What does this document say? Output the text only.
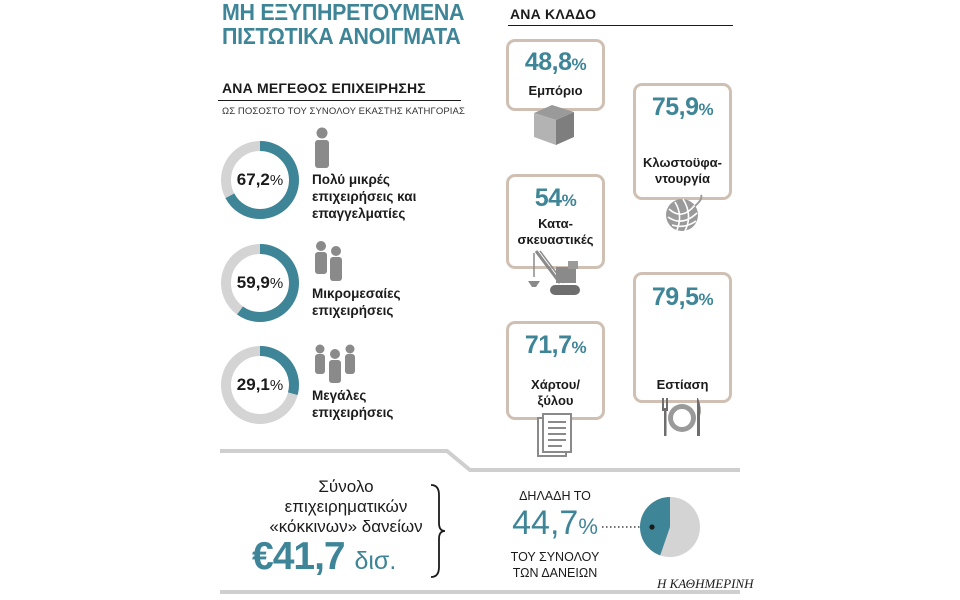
ΜΗ ΕΞΥΠΗΡΕΤΟΥΜΕΝΑ
ΠΙΣΤΩΤΙΚΑ ΑΝΟΙΓΜΑΤΑ
ΑΝΑ ΜΕΓΕΘΟΣ ΕΠΙΧΕΙΡΗΣΗΣ
ΩΣ ΠΟΣΟΣΤΟ ΤΟΥ ΣΥΝΟΛΟΥ ΕΚΑΣΤΗΣ ΚΑΤΗΓΟΡΙΑΣ
67,2%	Πολύ μικρές
επιχειρήσεις και
επαγγελματίες
59,9%
Μικρομεσαίες
επιχειρήσεις
29,1%
Μεγάλες
επιχειρήσεις
ΑΝΑ ΚΛΑΔΟ
48,8%
Εμπόριο
75,9%
Κλωστοϋφα-
ντουργία
54%
Κατα-
σκευαστικές
79,5%
Εστίαση
71,7%
Χάρτου/
ξύλου
Σύνολο
επιχειρηματικών
«κόκκινων» δανείων
€41,7 δισ.
ΔΗΛΑΔΗ ΤΟ
44,7%
ΤΟΥ ΣΥΝΟΛΟΥ
ΤΩΝ ΔΑΝΕΙΩΝ
Η ΚΑΘΗΜΕΡΙΝΗ
